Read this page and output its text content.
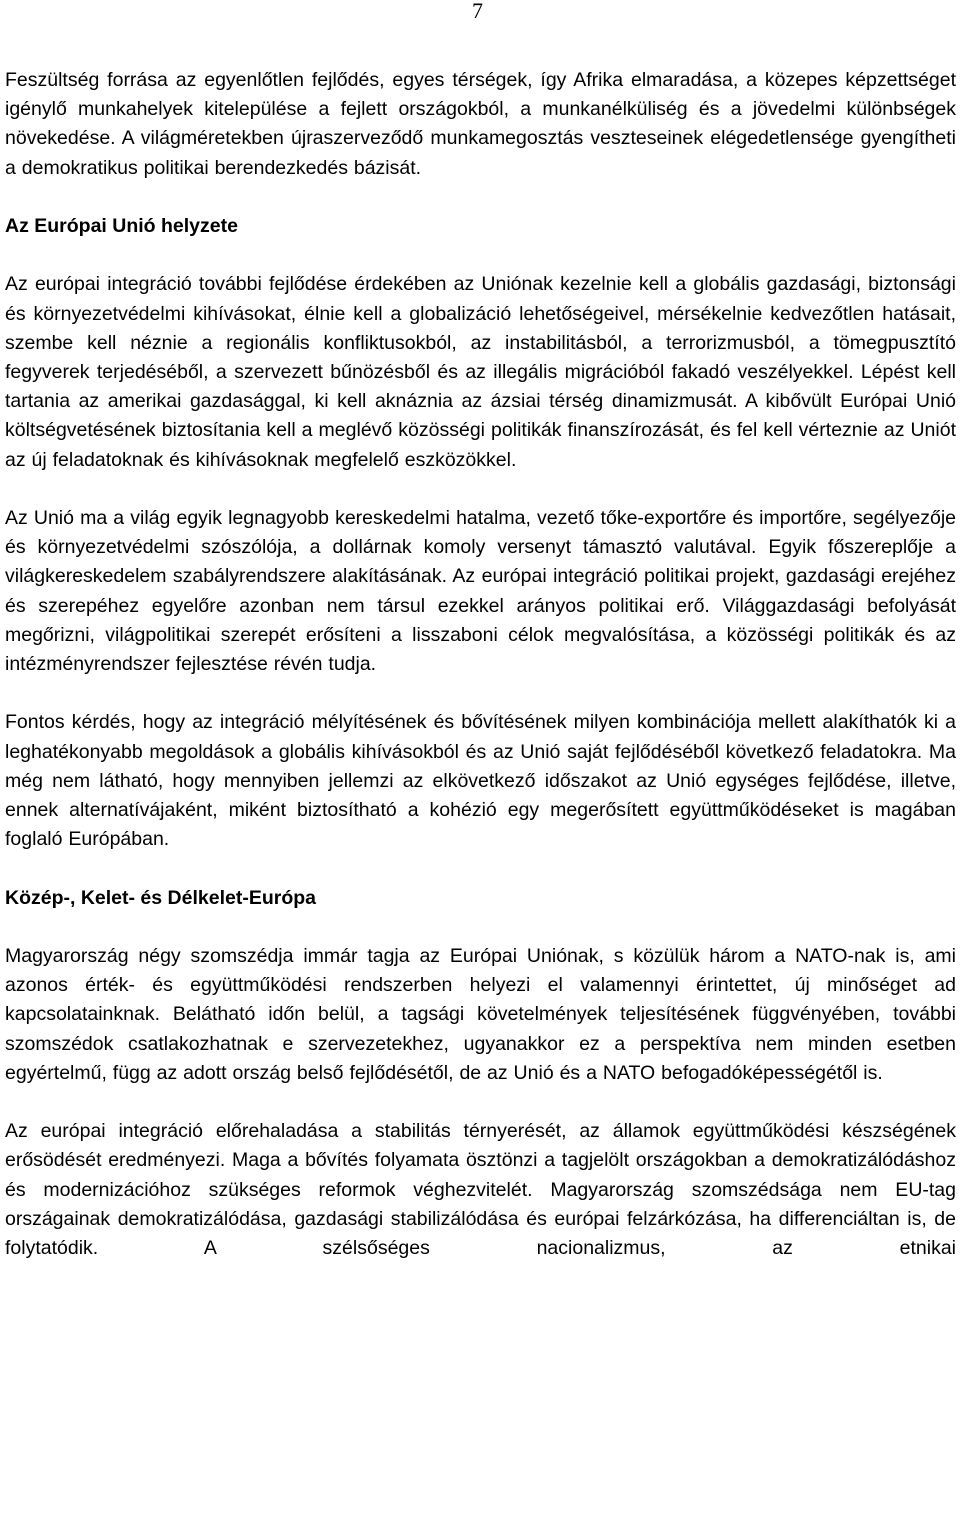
7

Feszültség forrása az egyenlőtlen fejlődés, egyes térségek, így Afrika elmaradása, a közepes képzettséget igénylő munkahelyek kitelepülése a fejlett országokból, a munkanélküliség és a jövedelmi különbségek növekedése. A világméretekben újraszerveződő munkamegosztás veszteseinek elégedetlensége gyengítheti a demokratikus politikai berendezkedés bázisát.

Az Európai Unió helyzete

Az európai integráció további fejlődése érdekében az Uniónak kezelnie kell a globális gazdasági, biztonsági és környezetvédelmi kihívásokat, élnie kell a globalizáció lehetőségeivel, mérsékelnie kedvezőtlen hatásait, szembe kell néznie a regionális konfliktusokból, az instabilitásból, a terrorizmusból, a tömegpusztító fegyverek terjedéséből, a szervezett bűnözésből és az illegális migrációból fakadó veszélyekkel. Lépést kell tartania az amerikai gazdasággal, ki kell aknáznia az ázsiai térség dinamizmusát. A kibővült Európai Unió költségvetésének biztosítania kell a meglévő közösségi politikák finanszírozását, és fel kell vérteznie az Uniót az új feladatoknak és kihívásoknak megfelelő eszközökkel.

Az Unió ma a világ egyik legnagyobb kereskedelmi hatalma, vezető tőke-exportőre és importőre, segélyezője és környezetvédelmi szószólója, a dollárnak komoly versenyt támasztó valutával. Egyik főszereplője a világkereskedelem szabályrendszere alakításának. Az európai integráció politikai projekt, gazdasági erejéhez és szerepéhez egyelőre azonban nem társul ezekkel arányos politikai erő. Világgazdasági befolyását megőrizni, világpolitikai szerepét erősíteni a lisszaboni célok megvalósítása, a közösségi politikák és az intézményrendszer fejlesztése révén tudja.

Fontos kérdés, hogy az integráció mélyítésének és bővítésének milyen kombinációja mellett alakíthatók ki a leghatékonyabb megoldások a globális kihívásokból és az Unió saját fejlődéséből következő feladatokra. Ma még nem látható, hogy mennyiben jellemzi az elkövetkező időszakot az Unió egységes fejlődése, illetve, ennek alternatívájaként, miként biztosítható a kohézió egy megerősített együttműködéseket is magában foglaló Európában.

Közép-, Kelet- és Délkelet-Európa

Magyarország négy szomszédja immár tagja az Európai Uniónak, s közülük három a NATO-nak is, ami azonos érték- és együttműködési rendszerben helyezi el valamennyi érintettet, új minőséget ad kapcsolatainknak. Belátható időn belül, a tagsági követelmények teljesítésének függvényében, további szomszédok csatlakozhatnak e szervezetekhez, ugyanakkor ez a perspektíva nem minden esetben egyértelmű, függ az adott ország belső fejlődésétől, de az Unió és a NATO befogadóképességétől is.

Az európai integráció előrehaladása a stabilitás térnyerését, az államok együttműködési készségének erősödését eredményezi. Maga a bővítés folyamata ösztönzi a tagjelölt országokban a demokratizálódáshoz és modernizációhoz szükséges reformok véghezvitelét. Magyarország szomszédsága nem EU-tag országainak demokratizálódása, gazdasági stabilizálódása és európai felzárkózása, ha differenciáltan is, de folytatódik. A szélsőséges nacionalizmus, az etnikai
